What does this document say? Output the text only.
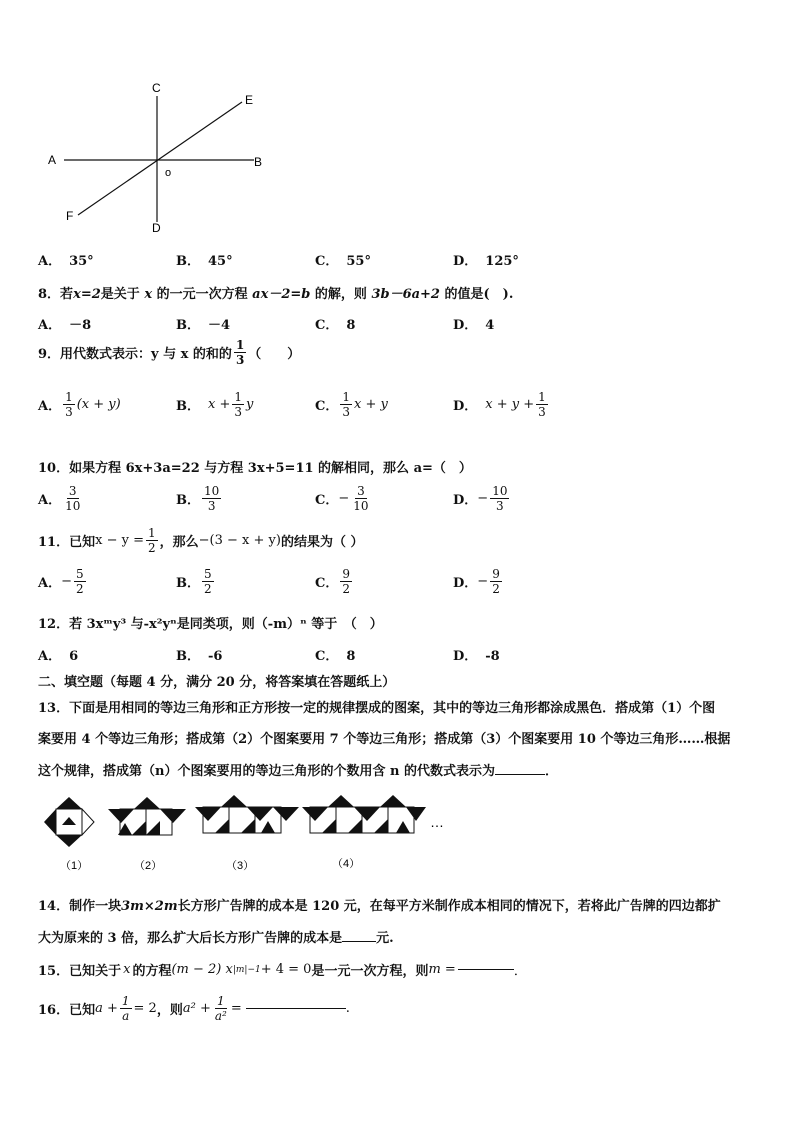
A	B
C
D
E
F
o
A． 35°	B． 45°	C． 55°	D． 125°
8．若x=2是关于 x 的一元一次方程 ax－2=b 的解，则 3b－6a+2 的值是(　).
A． －8	B． －4	C． 8	D． 4
9． 用代数式表示：y 与 x 的和的 $\frac{1}{3}$ （　　）
A． $\frac{1}{3} (x + y)$	B． $x + \frac{1}{3}$ y	C． $\frac{1}{3}$ x + y	D． $x + y + \frac{1}{3}$
10．如果方程 6x+3a=22 与方程 3x+5=11 的解相同，那么 a=（　）
A． $\frac{3}{10}$	B． $\frac{10}{3}$	C． − $\frac{3}{10}$	D． − $\frac{10}{3}$
11． 已知 $x - y = \frac{1}{2}$ ，那么 −(3 − x + y) 的结果为（ ）
A． − $\frac{5}{2}$	B． $\frac{5}{2}$	C． $\frac{9}{2}$	D． − $\frac{9}{2}$
12．若 3xᵐy³ 与-x²yⁿ是同类项，则（-m）ⁿ 等于　（　）
A． 6	B． -6	C． 8	D． -8
二、填空题（每题 4 分，满分 20 分，将答案填在答题纸上）
13．下面是用相同的等边三角形和正方形按一定的规律摆成的图案，其中的等边三角形都涂成黑色．搭成第（1）个图
案要用 4 个等边三角形；搭成第（2）个图案要用 7 个等边三角形；搭成第（3）个图案要用 10 个等边三角形……根据
这个规律，搭成第（n）个图案要用的等边三角形的个数用含 n 的代数式表示为	．
…
（1）	（2）	（3）	（4）
14．制作一块3m×2m长方形广告牌的成本是 120 元，在每平方米制作成本相同的情况下，若将此广告牌的四边都扩
大为原来的 3 倍，那么扩大后长方形广告牌的成本是	元.
15． 已知关于 x 的方程 (m − 2) x |m|−1 + 4 = 0 是一元一次方程，则 m =	．
16． 已知 $a + \frac{1}{a} = 2$ ，则 $a^2 + \frac{1}{\text{a²}}$ =	.
